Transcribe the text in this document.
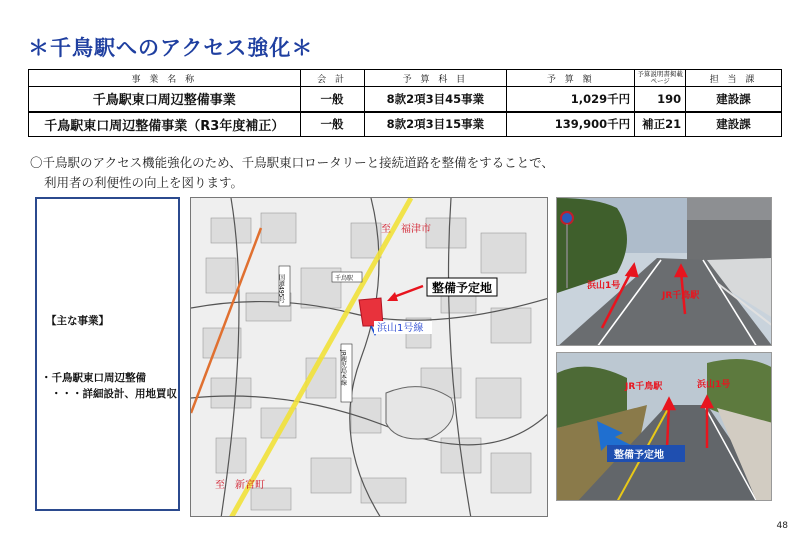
＊千鳥駅へのアクセス強化＊
事 業 名 称	会 計	予 算 科 目	予 算 額	予算説明書掲載ページ	担 当 課
千鳥駅東口周辺整備事業	一般	8款2項3目45事業	1,029千円	190	建設課
千鳥駅東口周辺整備事業（R3年度補正）	一般	8款2項3目15事業	139,900千円	補正21	建設課
〇千鳥駅のアクセス機能強化のため、千鳥駅東口ロータリーと接続道路を整備をすることで、
利用者の利便性の向上を図ります。
【主な事業】
・千鳥駅東口周辺整備
・・・詳細設計、用地買収
至　福津市
至　新宮町
整備予定地
浜山1号線
千鳥駅
国道495号
JR鹿児島本線
浜山1号
JR千鳥駅
JR千鳥駅	浜山1号
整備予定地
48
